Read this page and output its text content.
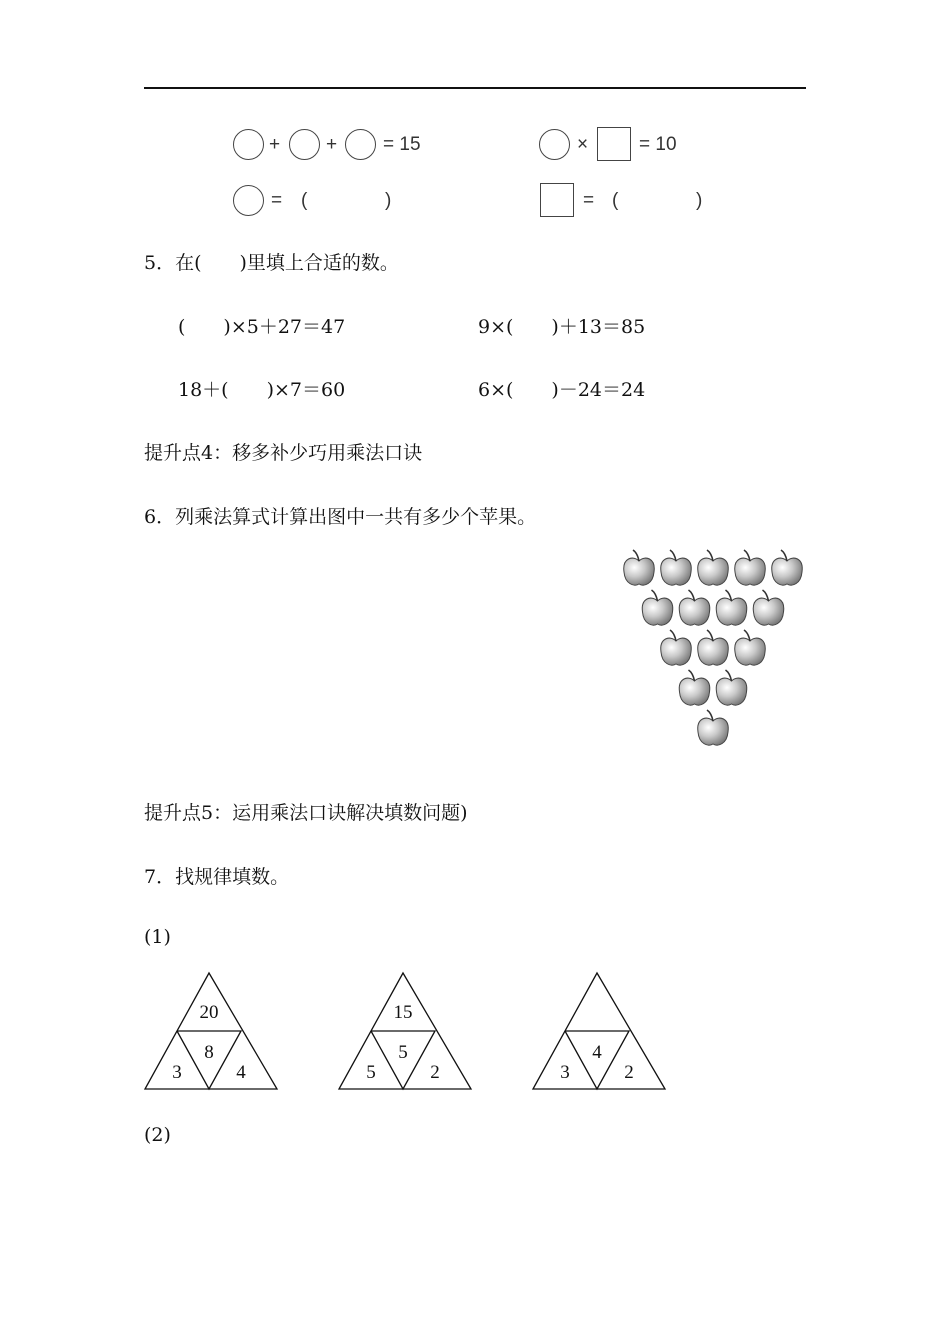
+ + = 15	×	= 10
= (	)	= (	)
5．在(　　)里填上合适的数。
(　　)×5＋27＝47	9×(　　)＋13＝85
18＋(　　)×7＝60	6×(　　)－24＝24
提升点4：移多补少巧用乘法口诀
6．列乘法算式计算出图中一共有多少个苹果。
提升点5：运用乘法口诀解决填数问题)
7．找规律填数。
(1)
20
8
3	4
15
5
5	2
4
3	2
(2)
